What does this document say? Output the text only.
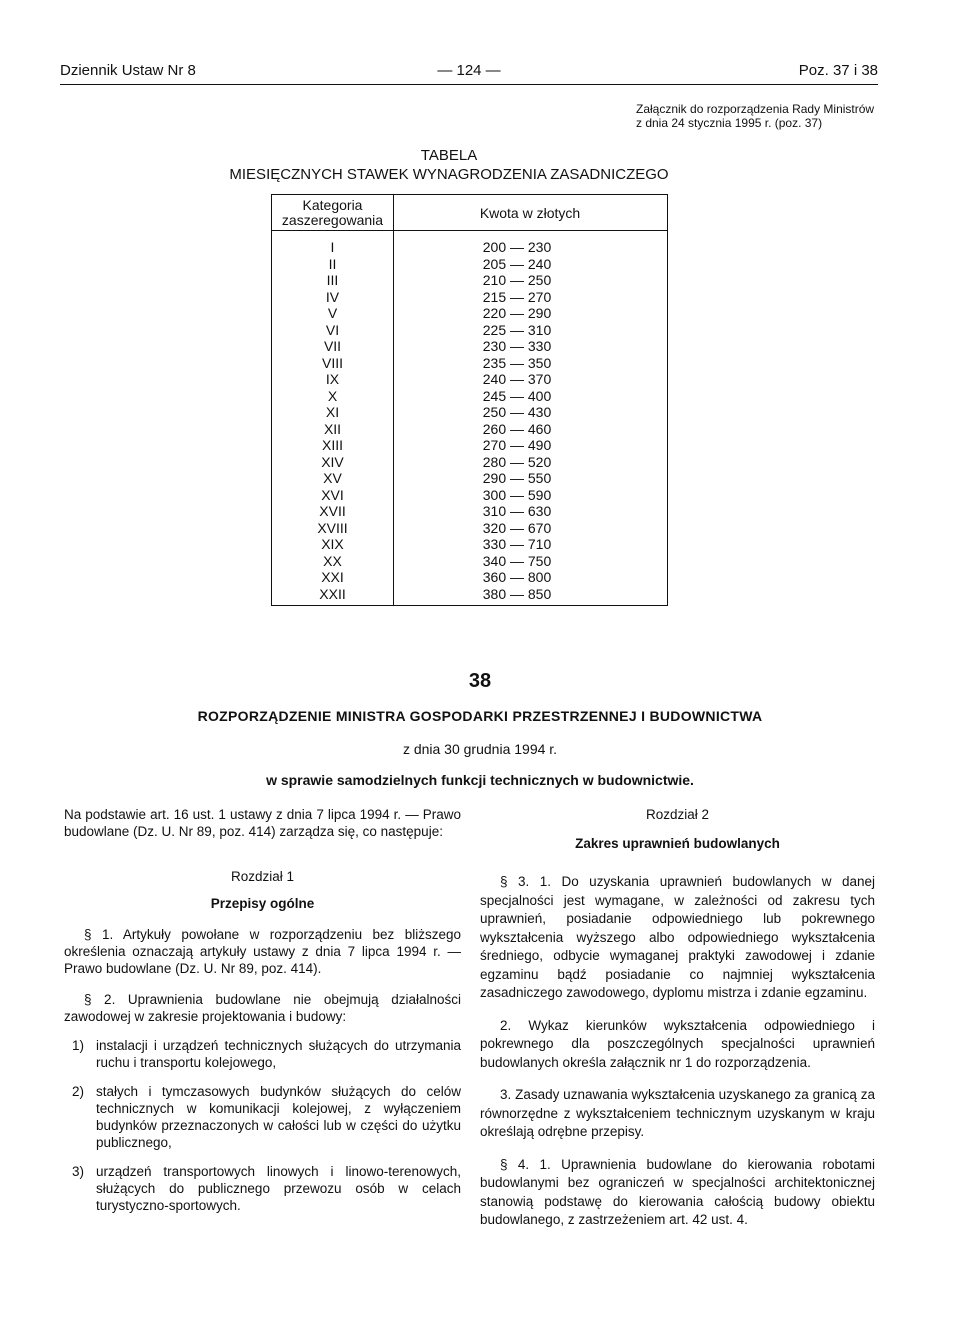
Dziennik Ustaw Nr 8	— 124 —	Poz. 37 i 38
Załącznik do rozporządzenia Rady Ministrów z dnia 24 stycznia 1995 r. (poz. 37)
TABELA
MIESIĘCZNYCH STAWEK WYNAGRODZENIA ZASADNICZEGO
Kategoria zaszeregowania	Kwota w złotych
I	200 — 230
II	205 — 240
III	210 — 250
IV	215 — 270
V	220 — 290
VI	225 — 310
VII	230 — 330
VIII	235 — 350
IX	240 — 370
X	245 — 400
XI	250 — 430
XII	260 — 460
XIII	270 — 490
XIV	280 — 520
XV	290 — 550
XVI	300 — 590
XVII	310 — 630
XVIII	320 — 670
XIX	330 — 710
XX	340 — 750
XXI	360 — 800
XXII	380 — 850
38
ROZPORZĄDZENIE MINISTRA GOSPODARKI PRZESTRZENNEJ I BUDOWNICTWA
z dnia 30 grudnia 1994 r.
w sprawie samodzielnych funkcji technicznych w budownictwie.
Na podstawie art. 16 ust. 1 ustawy z dnia 7 lipca 1994 r. — Prawo budowlane (Dz. U. Nr 89, poz. 414) zarządza się, co następuje:
Rozdział 1
Przepisy ogólne
§ 1. Artykuły powołane w rozporządzeniu bez bliższego określenia oznaczają artykuły ustawy z dnia 7 lipca 1994 r. — Prawo budowlane (Dz. U. Nr 89, poz. 414).
§ 2. Uprawnienia budowlane nie obejmują działalności zawodowej w zakresie projektowania i budowy:
1) instalacji i urządzeń technicznych służących do utrzymania ruchu i transportu kolejowego,
2) stałych i tymczasowych budynków służących do celów technicznych w komunikacji kolejowej, z wyłączeniem budynków przeznaczonych w całości lub w części do użytku publicznego,
3) urządzeń transportowych linowych i linowo-terenowych, służących do publicznego przewozu osób w celach turystyczno-sportowych.
Rozdział 2
Zakres uprawnień budowlanych
§ 3. 1. Do uzyskania uprawnień budowlanych w danej specjalności jest wymagane, w zależności od zakresu tych uprawnień, posiadanie odpowiedniego lub pokrewnego wykształcenia wyższego albo odpowiedniego wykształcenia średniego, odbycie wymaganej praktyki zawodowej i zdanie egzaminu bądź posiadanie co najmniej wykształcenia zasadniczego zawodowego, dyplomu mistrza i zdanie egzaminu.
2. Wykaz kierunków wykształcenia odpowiedniego i pokrewnego dla poszczególnych specjalności uprawnień budowlanych określa załącznik nr 1 do rozporządzenia.
3. Zasady uznawania wykształcenia uzyskanego za granicą za równorzędne z wykształceniem technicznym uzyskanym w kraju określają odrębne przepisy.
§ 4. 1. Uprawnienia budowlane do kierowania robotami budowlanymi bez ograniczeń w specjalności architektonicznej stanowią podstawę do kierowania całością budowy obiektu budowlanego, z zastrzeżeniem art. 42 ust. 4.
